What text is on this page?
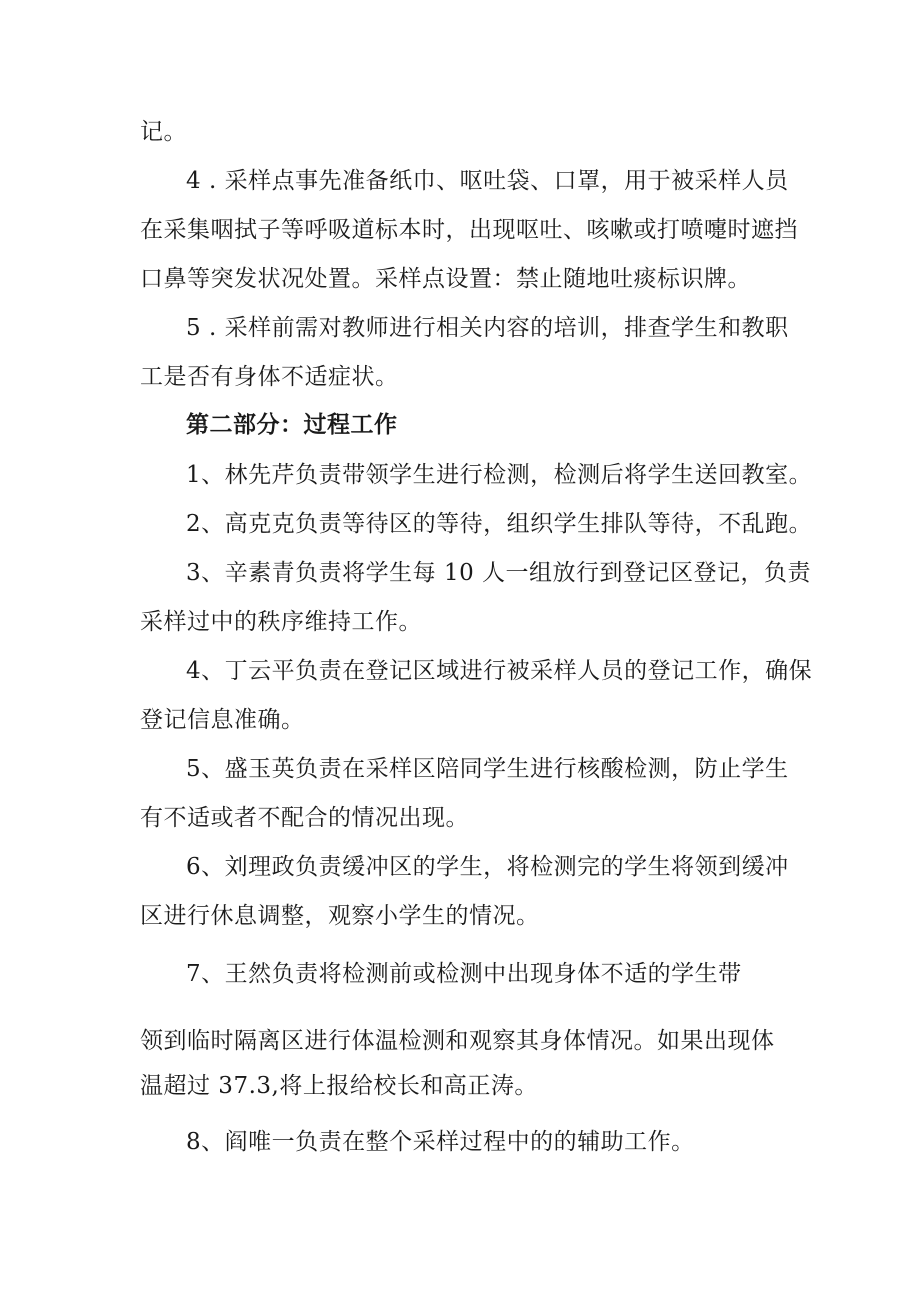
记。
4 . 采样点事先准备纸巾、呕吐袋、口罩，用于被采样人员
在采集咽拭子等呼吸道标本时，出现呕吐、咳嗽或打喷嚏时遮挡
口鼻等突发状况处置。采样点设置：禁止随地吐痰标识牌。
5 . 采样前需对教师进行相关内容的培训，排查学生和教职
工是否有身体不适症状。
第二部分：过程工作
1、林先芹负责带领学生进行检测，检测后将学生送回教室。
2、高克克负责等待区的等待，组织学生排队等待，不乱跑。
3、辛素青负责将学生每 10 人一组放行到登记区登记，负责
采样过中的秩序维持工作。
4、丁云平负责在登记区域进行被采样人员的登记工作，确保
登记信息准确。
5、盛玉英负责在采样区陪同学生进行核酸检测，防止学生
有不适或者不配合的情况出现。
6、刘理政负责缓冲区的学生，将检测完的学生将领到缓冲
区进行休息调整，观察小学生的情况。
7、王然负责将检测前或检测中出现身体不适的学生带
领到临时隔离区进行体温检测和观察其身体情况。如果出现体
温超过 37.3,将上报给校长和高正涛。
8、阎唯一负责在整个采样过程中的的辅助工作。
